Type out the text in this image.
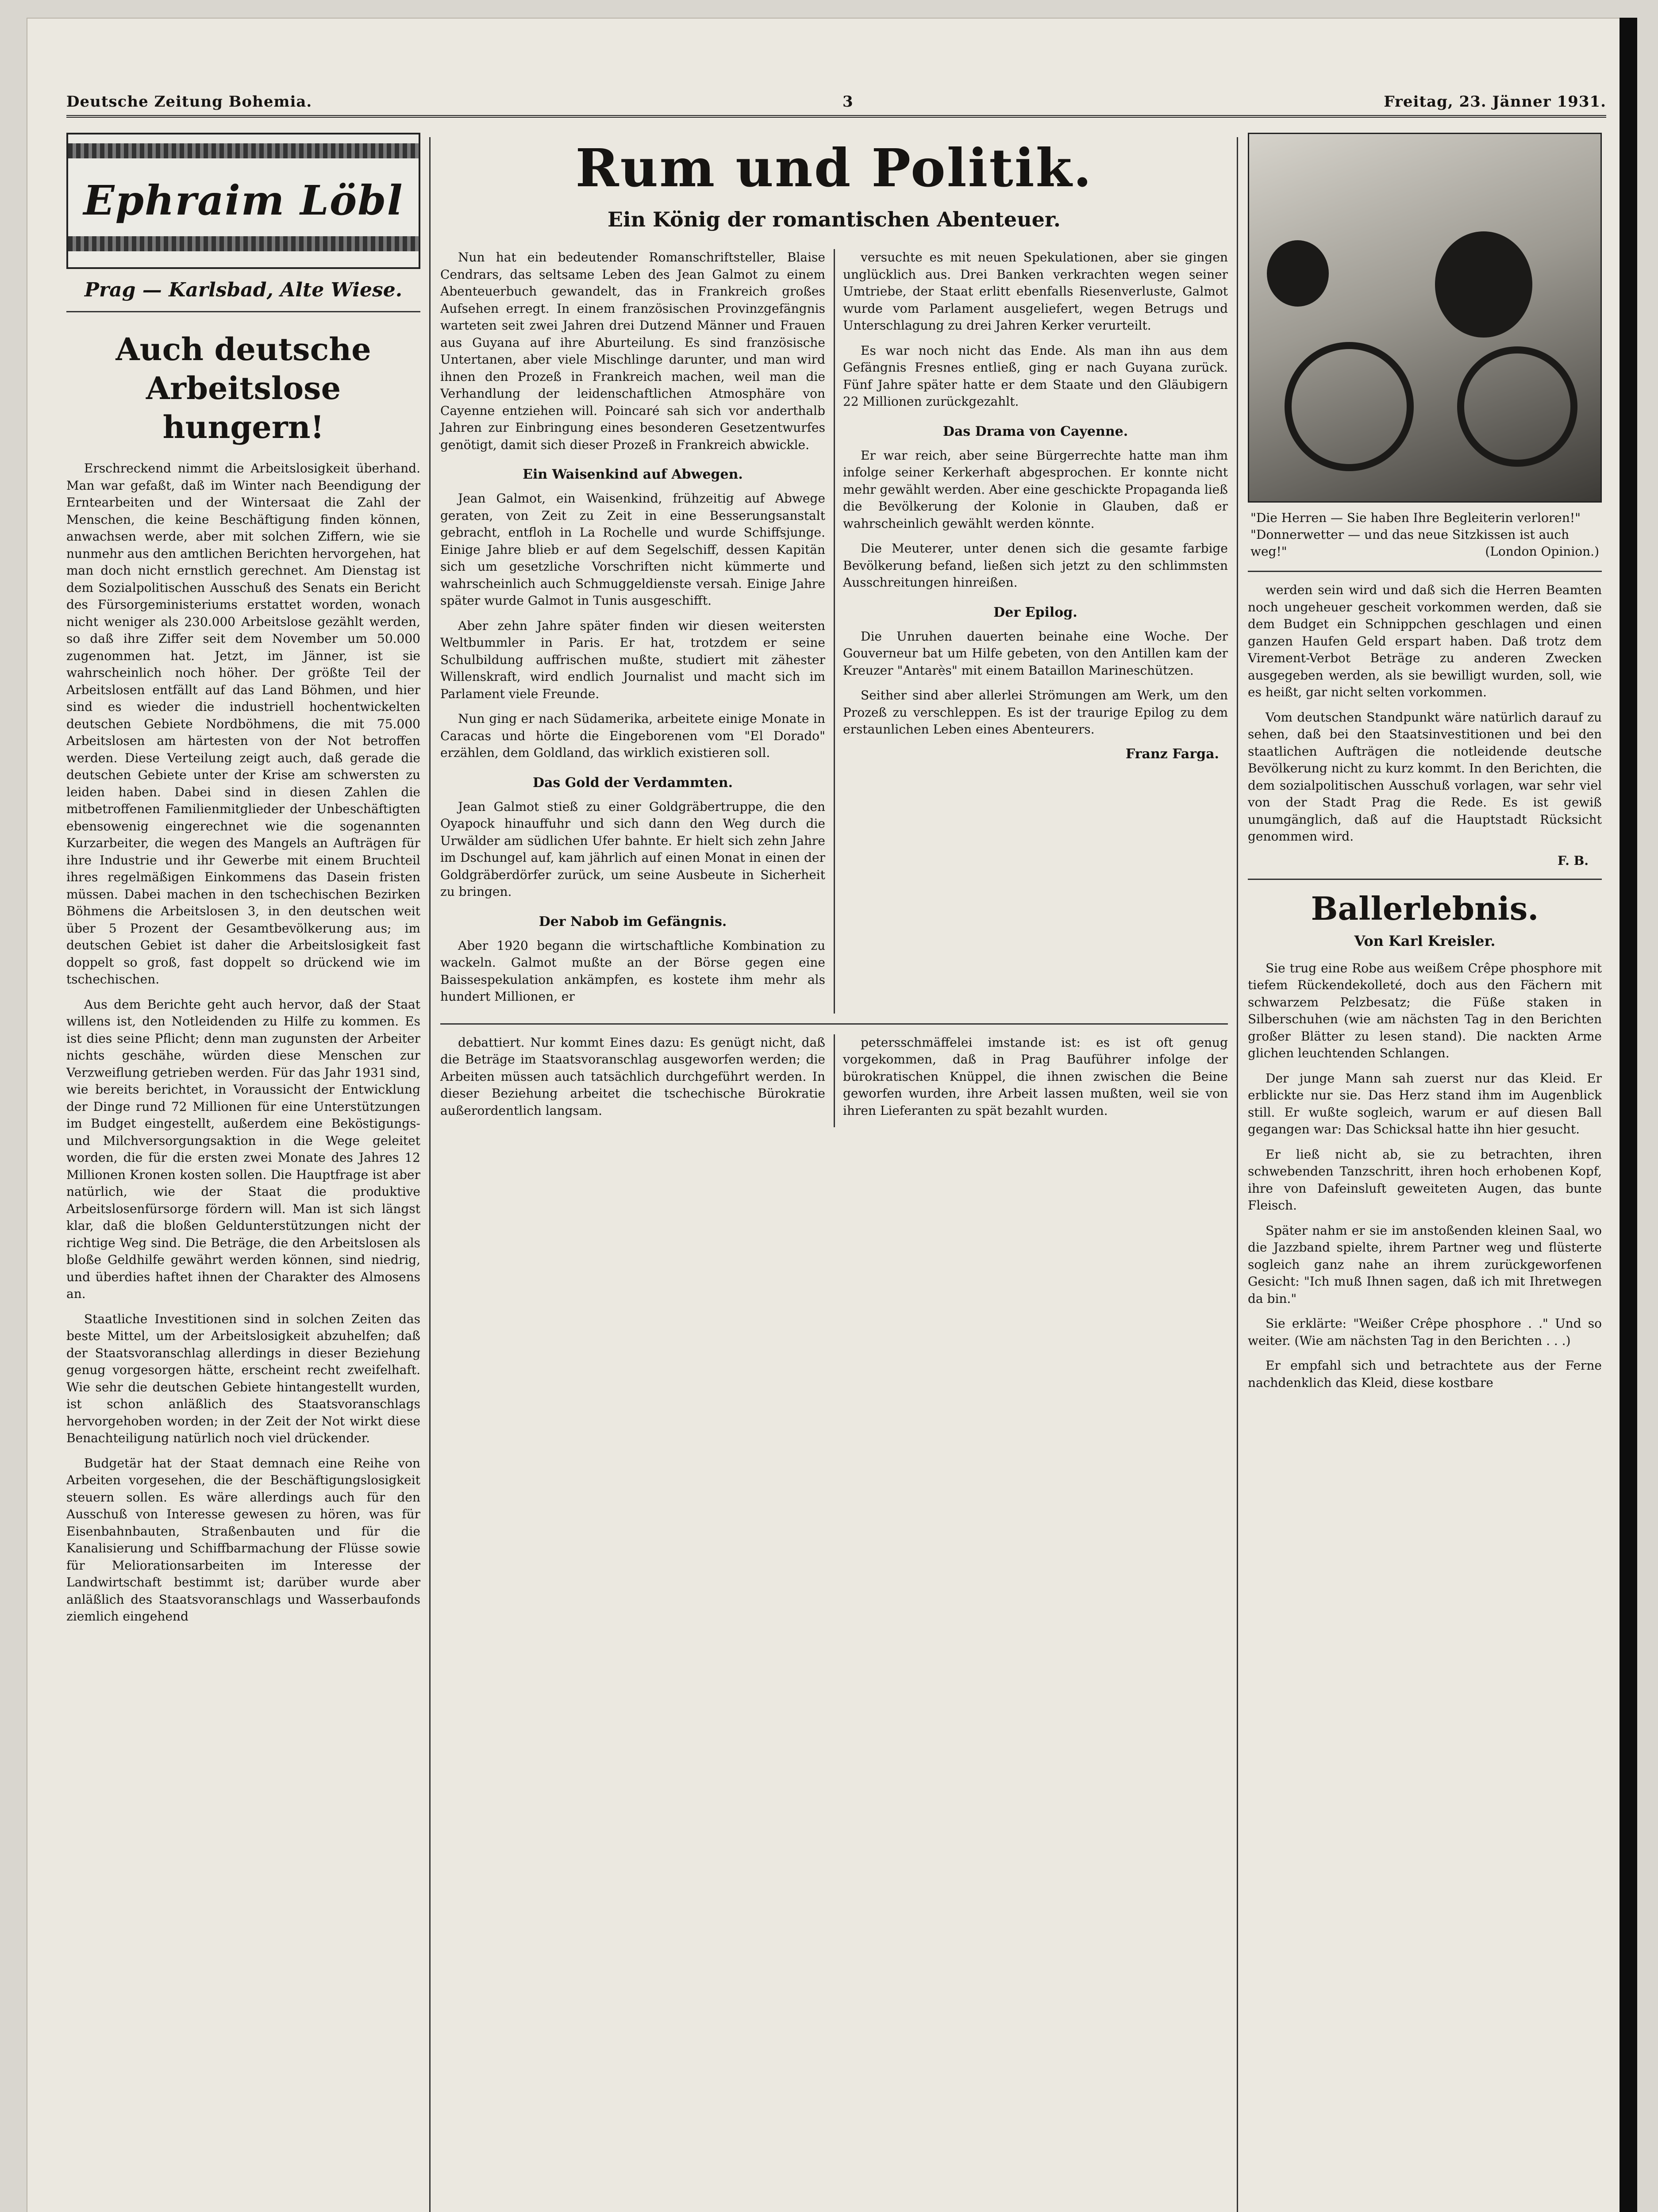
Deutsche Zeitung Bohemia.	3	Freitag, 23. Jänner 1931.
Ephraim Löbl
Prag — Karlsbad, Alte Wiese.
Auch deutsche Arbeitslose hungern!

Erschreckend nimmt die Arbeitslosigkeit überhand. Man war gefaßt, daß im Winter nach Beendigung der Erntearbeiten und der Wintersaat die Zahl der Menschen, die keine Beschäftigung finden können, anwachsen werde, aber mit solchen Ziffern, wie sie nunmehr aus den amtlichen Berichten hervorgehen, hat man doch nicht ernstlich gerechnet. Am Dienstag ist dem Sozialpolitischen Ausschuß des Senats ein Bericht des Fürsorgeministeriums erstattet worden, wonach nicht weniger als 230.000 Arbeitslose gezählt werden, so daß ihre Ziffer seit dem November um 50.000 zugenommen hat. Jetzt, im Jänner, ist sie wahrscheinlich noch höher. Der größte Teil der Arbeitslosen entfällt auf das Land Böhmen, und hier sind es wieder die industriell hochentwickelten deutschen Gebiete Nordböhmens, die mit 75.000 Arbeitslosen am härtesten von der Not betroffen werden. Diese Verteilung zeigt auch, daß gerade die deutschen Gebiete unter der Krise am schwersten zu leiden haben. Dabei sind in diesen Zahlen die mitbetroffenen Familienmitglieder der Unbeschäftigten ebensowenig eingerechnet wie die sogenannten Kurzarbeiter, die wegen des Mangels an Aufträgen für ihre Industrie und ihr Gewerbe mit einem Bruchteil ihres regelmäßigen Einkommens das Dasein fristen müssen. Dabei machen in den tschechischen Bezirken Böhmens die Arbeitslosen 3, in den deutschen weit über 5 Prozent der Gesamtbevölkerung aus; im deutschen Gebiet ist daher die Arbeitslosigkeit fast doppelt so groß, fast doppelt so drückend wie im tschechischen.

Aus dem Berichte geht auch hervor, daß der Staat willens ist, den Notleidenden zu Hilfe zu kommen. Es ist dies seine Pflicht; denn man zugunsten der Arbeiter nichts geschähe, würden diese Menschen zur Verzweiflung getrieben werden. Für das Jahr 1931 sind, wie bereits berichtet, in Voraussicht der Entwicklung der Dinge rund 72 Millionen für eine Unterstützungen im Budget eingestellt, außerdem eine Beköstigungs- und Milchversorgungsaktion in die Wege geleitet worden, die für die ersten zwei Monate des Jahres 12 Millionen Kronen kosten sollen. Die Hauptfrage ist aber natürlich, wie der Staat die produktive Arbeitslosenfürsorge fördern will. Man ist sich längst klar, daß die bloßen Geldunterstützungen nicht der richtige Weg sind. Die Beträge, die den Arbeitslosen als bloße Geldhilfe gewährt werden können, sind niedrig, und überdies haftet ihnen der Charakter des Almosens an.

Staatliche Investitionen sind in solchen Zeiten das beste Mittel, um der Arbeitslosigkeit abzuhelfen; daß der Staatsvoranschlag allerdings in dieser Beziehung genug vorgesorgen hätte, erscheint recht zweifelhaft. Wie sehr die deutschen Gebiete hintangestellt wurden, ist schon anläßlich des Staatsvoranschlags hervorgehoben worden; in der Zeit der Not wirkt diese Benachteiligung natürlich noch viel drückender.

Budgetär hat der Staat demnach eine Reihe von Arbeiten vorgesehen, die der Beschäftigungslosigkeit steuern sollen. Es wäre allerdings auch für den Ausschuß von Interesse gewesen zu hören, was für Eisenbahnbauten, Straßenbauten und für die Kanalisierung und Schiffbarmachung der Flüsse sowie für Meliorationsarbeiten im Interesse der Landwirtschaft bestimmt ist; darüber wurde aber anläßlich des Staatsvoranschlags und Wasserbaufonds ziemlich eingehend

Rum und Politik.
Ein König der romantischen Abenteuer.

Nun hat ein bedeutender Romanschriftsteller, Blaise Cendrars, das seltsame Leben des Jean Galmot zu einem Abenteuerbuch gewandelt, das in Frankreich großes Aufsehen erregt. In einem französischen Provinzgefängnis warteten seit zwei Jahren drei Dutzend Männer und Frauen aus Guyana auf ihre Aburteilung. Es sind französische Untertanen, aber viele Mischlinge darunter, und man wird ihnen den Prozeß in Frankreich machen, weil man die Verhandlung der leidenschaftlichen Atmosphäre von Cayenne entziehen will. Poincaré sah sich vor anderthalb Jahren zur Einbringung eines besonderen Gesetzentwurfes genötigt, damit sich dieser Prozeß in Frankreich abwickle.

Ein Waisenkind auf Abwegen.

Jean Galmot, ein Waisenkind, frühzeitig auf Abwege geraten, von Zeit zu Zeit in eine Besserungsanstalt gebracht, entfloh in La Rochelle und wurde Schiffsjunge. Einige Jahre blieb er auf dem Segelschiff, dessen Kapitän sich um gesetzliche Vorschriften nicht kümmerte und wahrscheinlich auch Schmuggeldienste versah. Einige Jahre später wurde Galmot in Tunis ausgeschifft.

Aber zehn Jahre später finden wir diesen weitersten Weltbummler in Paris. Er hat, trotzdem er seine Schulbildung auffrischen mußte, studiert mit zähester Willenskraft, wird endlich Journalist und macht sich im Parlament viele Freunde.

Nun ging er nach Südamerika, arbeitete einige Monate in Caracas und hörte die Eingeborenen vom "El Dorado" erzählen, dem Goldland, das wirklich existieren soll.

Das Gold der Verdammten.

Jean Galmot stieß zu einer Goldgräbertruppe, die den Oyapock hinauffuhr und sich dann den Weg durch die Urwälder am südlichen Ufer bahnte. Er hielt sich zehn Jahre im Dschungel auf, kam jährlich auf einen Monat in einen der Goldgräberdörfer zurück, um seine Ausbeute in Sicherheit zu bringen.

Der Nabob im Gefängnis.

Aber 1920 begann die wirtschaftliche Kombination zu wackeln. Galmot mußte an der Börse gegen eine Baissespekulation ankämpfen, es kostete ihm mehr als hundert Millionen, er

versuchte es mit neuen Spekulationen, aber sie gingen unglücklich aus. Drei Banken verkrachten wegen seiner Umtriebe, der Staat erlitt ebenfalls Riesenverluste, Galmot wurde vom Parlament ausgeliefert, wegen Betrugs und Unterschlagung zu drei Jahren Kerker verurteilt.

Es war noch nicht das Ende. Als man ihn aus dem Gefängnis Fresnes entließ, ging er nach Guyana zurück. Fünf Jahre später hatte er dem Staate und den Gläubigern 22 Millionen zurückgezahlt.

Das Drama von Cayenne.

Er war reich, aber seine Bürgerrechte hatte man ihm infolge seiner Kerkerhaft abgesprochen. Er konnte nicht mehr gewählt werden. Aber eine geschickte Propaganda ließ die Bevölkerung der Kolonie in Glauben, daß er wahrscheinlich gewählt werden könnte.

Die Meuterer, unter denen sich die gesamte farbige Bevölkerung befand, ließen sich jetzt zu den schlimmsten Ausschreitungen hinreißen.

Der Epilog.

Die Unruhen dauerten beinahe eine Woche. Der Gouverneur bat um Hilfe gebeten, von den Antillen kam der Kreuzer "Antarès" mit einem Bataillon Marineschützen.

Seither sind aber allerlei Strömungen am Werk, um den Prozeß zu verschleppen. Es ist der traurige Epilog zu dem erstaunlichen Leben eines Abenteurers.

Franz Farga.

debattiert. Nur kommt Eines dazu: Es genügt nicht, daß die Beträge im Staatsvoranschlag ausgeworfen werden; die Arbeiten müssen auch tatsächlich durchgeführt werden. In dieser Beziehung arbeitet die tschechische Bürokratie außerordentlich langsam.

petersschmäffelei imstande ist: es ist oft genug vorgekommen, daß in Prag Bauführer infolge der bürokratischen Knüppel, die ihnen zwischen die Beine geworfen wurden, ihre Arbeit lassen mußten, weil sie von ihren Lieferanten zu spät bezahlt wurden.

"Die Herren — Sie haben Ihre Begleiterin verloren!" "Donnerwetter — und das neue Sitzkissen ist auch weg!"	(London Opinion.)

werden sein wird und daß sich die Herren Beamten noch ungeheuer gescheit vorkommen werden, daß sie dem Budget ein Schnippchen geschlagen und einen ganzen Haufen Geld erspart haben. Daß trotz dem Virement-Verbot Beträge zu anderen Zwecken ausgegeben werden, als sie bewilligt wurden, soll, wie es heißt, gar nicht selten vorkommen.

Vom deutschen Standpunkt wäre natürlich darauf zu sehen, daß bei den Staatsinvestitionen und bei den staatlichen Aufträgen die notleidende deutsche Bevölkerung nicht zu kurz kommt. In den Berichten, die dem sozialpolitischen Ausschuß vorlagen, war sehr viel von der Stadt Prag die Rede. Es ist gewiß unumgänglich, daß auf die Hauptstadt Rücksicht genommen wird.

F. B.
Ballerlebnis.
Von Karl Kreisler.

Sie trug eine Robe aus weißem Crêpe phosphore mit tiefem Rückendekolleté, doch aus den Fächern mit schwarzem Pelzbesatz; die Füße staken in Silberschuhen (wie am nächsten Tag in den Berichten großer Blätter zu lesen stand). Die nackten Arme glichen leuchtenden Schlangen.

Der junge Mann sah zuerst nur das Kleid. Er erblickte nur sie. Das Herz stand ihm im Augenblick still. Er wußte sogleich, warum er auf diesen Ball gegangen war: Das Schicksal hatte ihn hier gesucht.

Er ließ nicht ab, sie zu betrachten, ihren schwebenden Tanzschritt, ihren hoch erhobenen Kopf, ihre von Dafeinsluft geweiteten Augen, das bunte Fleisch.

Später nahm er sie im anstoßenden kleinen Saal, wo die Jazzband spielte, ihrem Partner weg und flüsterte sogleich ganz nahe an ihrem zurückgeworfenen Gesicht: "Ich muß Ihnen sagen, daß ich mit Ihretwegen da bin."

Sie erklärte: "Weißer Crêpe phosphore . ." Und so weiter. (Wie am nächsten Tag in den Berichten . . .)

Er empfahl sich und betrachtete aus der Ferne nachdenklich das Kleid, diese kostbare
